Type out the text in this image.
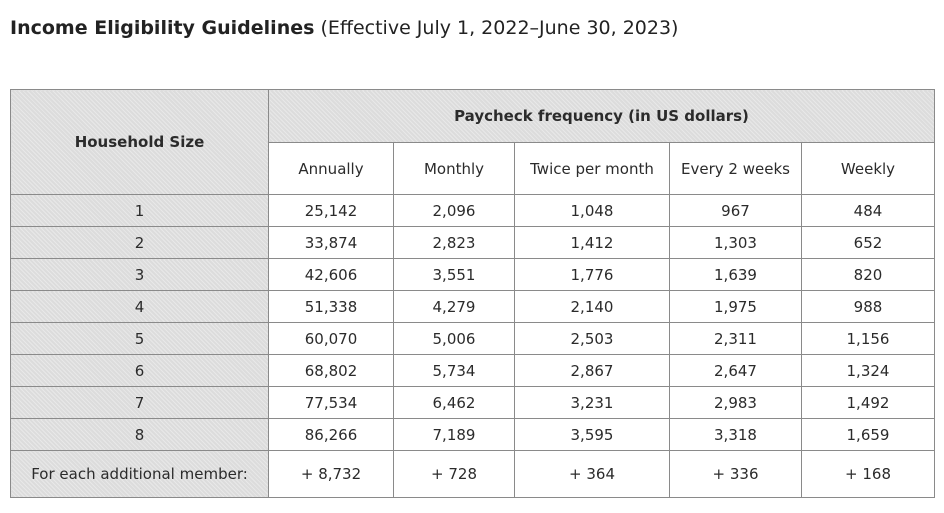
Income Eligibility Guidelines (Effective July 1, 2022–June 30, 2023)
Household Size	Paycheck frequency (in US dollars)				
	Annually	Monthly	Twice per month	Every 2 weeks	Weekly
1	25,142	2,096	1,048	967	484
2	33,874	2,823	1,412	1,303	652
3	42,606	3,551	1,776	1,639	820
4	51,338	4,279	2,140	1,975	988
5	60,070	5,006	2,503	2,311	1,156
6	68,802	5,734	2,867	2,647	1,324
7	77,534	6,462	3,231	2,983	1,492
8	86,266	7,189	3,595	3,318	1,659
For each additional member:	+ 8,732	+ 728	+ 364	+ 336	+ 168
